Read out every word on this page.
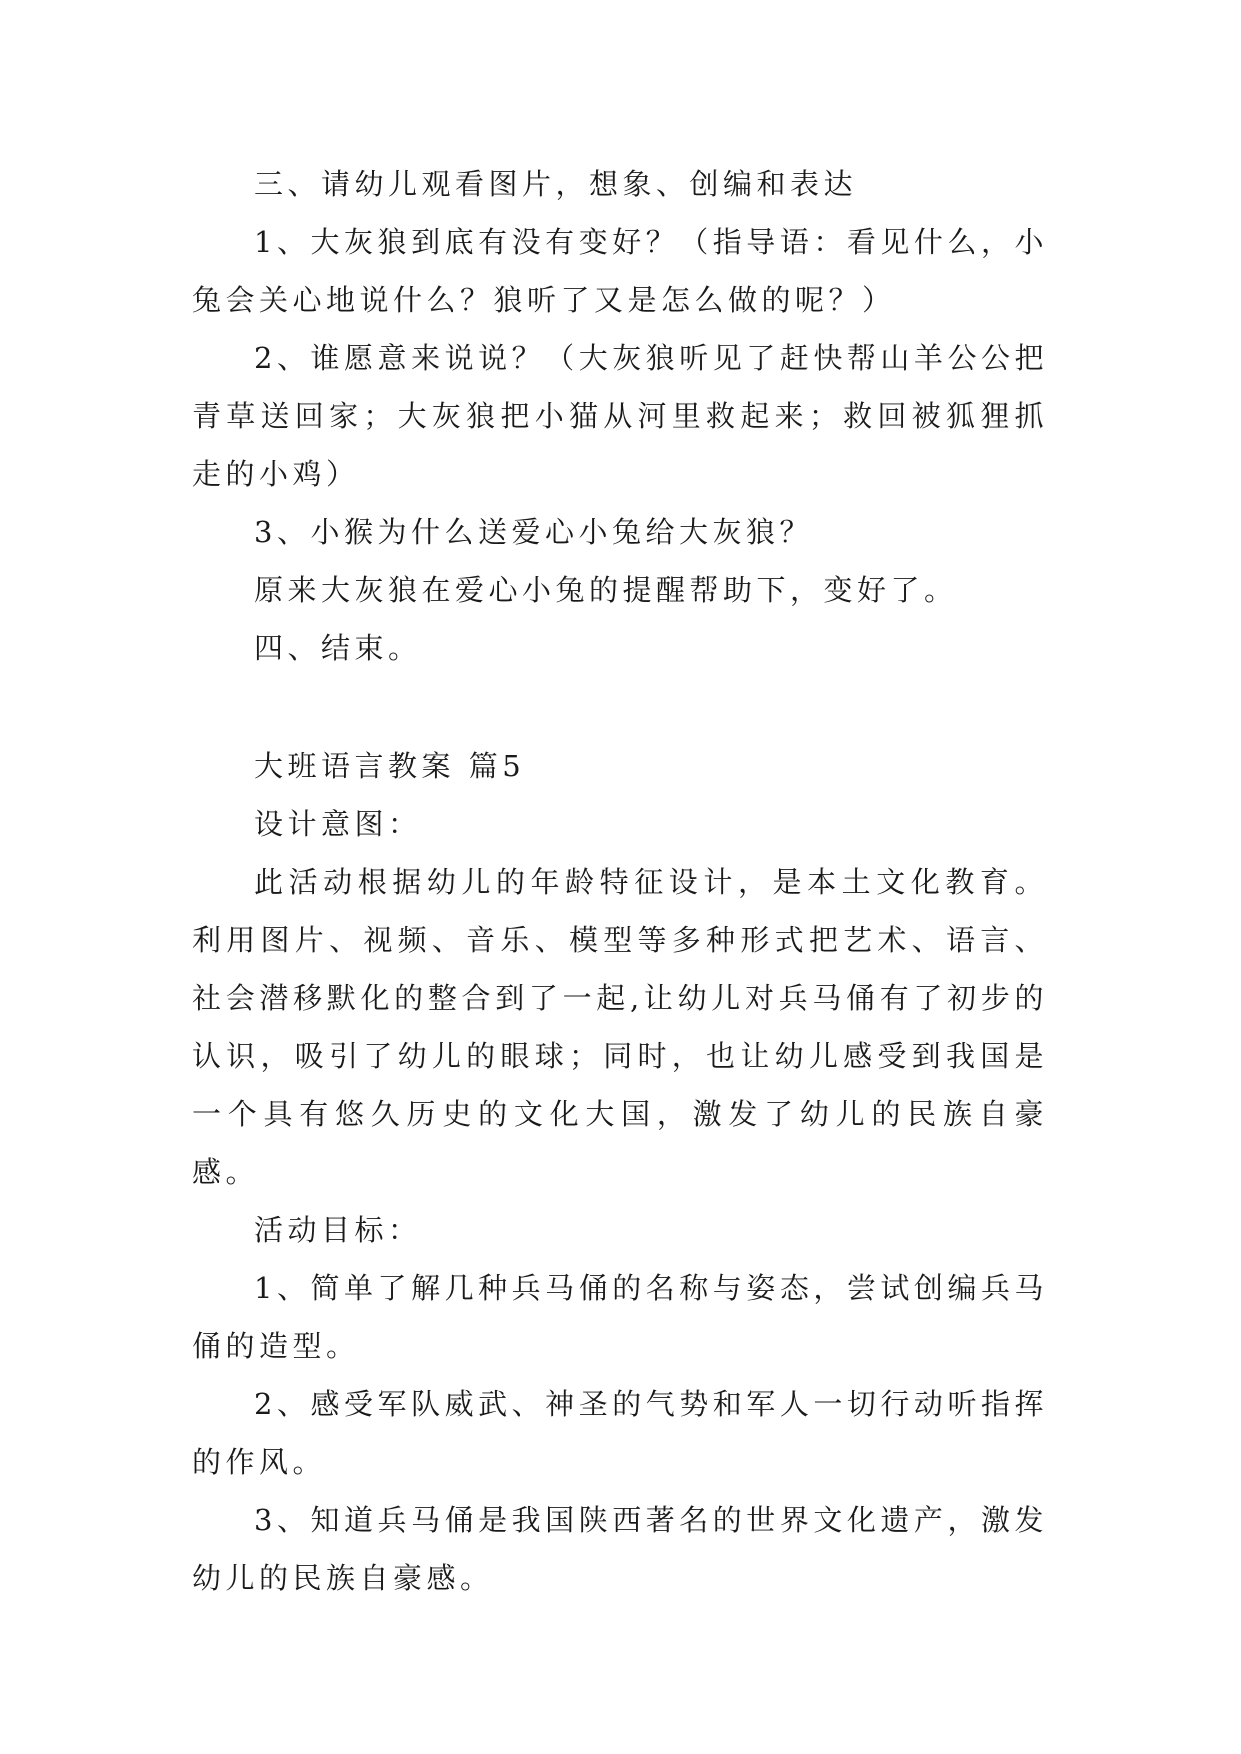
三、请幼儿观看图片，想象、创编和表达

1、大灰狼到底有没有变好？（指导语：看见什么，小兔会关心地说什么？狼听了又是怎么做的呢？）

2、谁愿意来说说？（大灰狼听见了赶快帮山羊公公把青草送回家；大灰狼把小猫从河里救起来；救回被狐狸抓走的小鸡）

3、小猴为什么送爱心小兔给大灰狼？

原来大灰狼在爱心小兔的提醒帮助下，变好了。

四、结束。

大班语言教案 篇5

设计意图：

此活动根据幼儿的年龄特征设计，是本土文化教育。利用图片、视频、音乐、模型等多种形式把艺术、语言、社会潜移默化的整合到了一起,让幼儿对兵马俑有了初步的认识，吸引了幼儿的眼球；同时，也让幼儿感受到我国是一个具有悠久历史的文化大国，激发了幼儿的民族自豪感。

活动目标：

1、简单了解几种兵马俑的名称与姿态，尝试创编兵马俑的造型。

2、感受军队威武、神圣的气势和军人一切行动听指挥的作风。

3、知道兵马俑是我国陕西著名的世界文化遗产，激发幼儿的民族自豪感。
